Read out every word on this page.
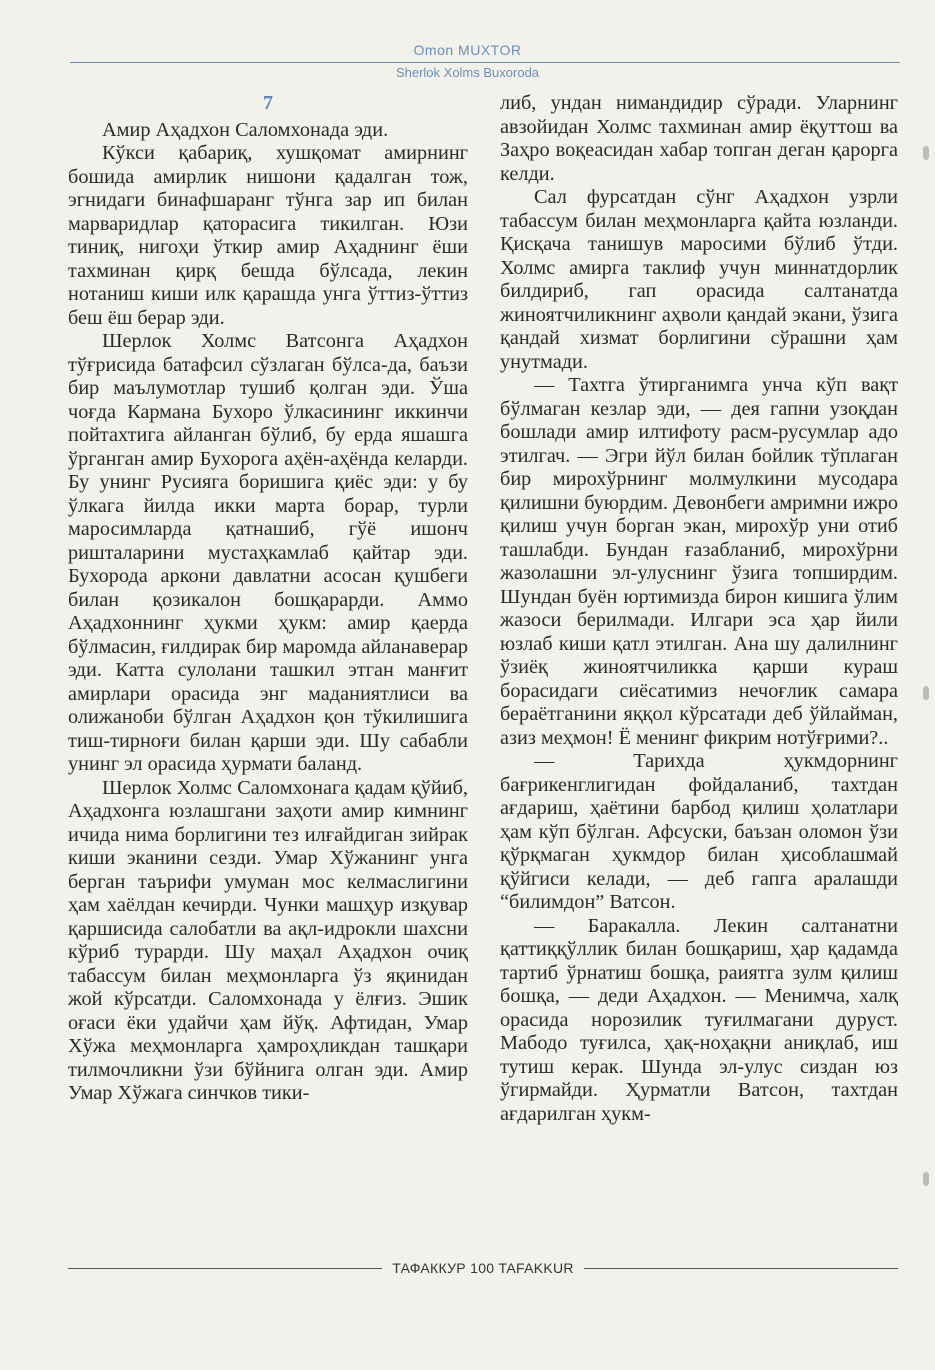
Omon MUXTOR
Sherlok Xolms Buxoroda
7

Амир Аҳадхон Саломхонада эди.

Кўкси қабариқ, хушқомат амирнинг бошида амирлик нишони қадалган тож, эгнидаги бинафшаранг тўнга зар ип билан марваридлар қаторасига тикилган. Юзи тиниқ, нигоҳи ўткир амир Аҳаднинг ёши тахминан қирқ бешда бўлсада, лекин нотаниш киши илк қарашда унга ўттиз-ўттиз беш ёш берар эди.

Шерлок Холмс Ватсонга Аҳадхон тўғрисида батафсил сўзлаган бўлса-да, баъзи бир маълумотлар тушиб қолган эди. Ўша чоғда Кармана Бухоро ўлкасининг иккинчи пойтахтига айланган бўлиб, бу ерда яшашга ўрганган амир Бухорога аҳён-аҳёнда келарди. Бу унинг Русияга боришига қиёс эди: у бу ўлкага йилда икки марта борар, турли маросимларда қатнашиб, гўё ишонч риштaларини мустаҳкамлаб қайтар эди. Бухорода аркони давлатни асосан қушбеги билан қозикалон бошқарарди. Аммо Аҳадхоннинг ҳукми ҳукм: амир қаерда бўлмасин, ғилдирак бир маромда айланаверар эди. Катта сулолани ташкил этган манғит амирлари орасида энг маданиятлиси ва олижаноби бўлган Аҳадхон қон тўкилишига тиш-тирноғи билан қарши эди. Шу сабабли унинг эл орасида ҳурмати баланд.

Шерлок Холмс Саломхонага қадам қўйиб, Аҳадхонга юзлашгани заҳоти амир кимнинг ичида нима борлигини тез илғайдиган зийрак киши эканини сезди. Умар Хўжанинг унга берган таърифи умуман мос келмаслигини ҳам хаёлдан кечирди. Чунки машҳур изқувар қаршисида салобатли ва ақл-идрокли шахсни кўриб турарди. Шу маҳал Аҳадхон очиқ табассум билан меҳмонларга ўз яқинидан жой кўрсатди. Саломхонада у ёлғиз. Эшик оғаси ёки удайчи ҳам йўқ. Афтидан, Умар Хўжа меҳмонларга ҳамроҳликдан ташқари тилмочликни ўзи бўйнига олган эди. Амир Умар Хўжага синчков тики-

либ, ундан нимандидир сўради. Уларнинг авзойидан Холмс тахминан амир ёқуттош ва Заҳро воқеасидан хабар топган деган қарорга келди.

Сал фурсатдан сўнг Аҳадхон узрли табассум билан меҳмонларга қайта юзланди. Қисқача танишув маросими бўлиб ўтди. Холмс амирга таклиф учун миннатдорлик билдириб, гап орасида салтанатда жиноятчиликнинг аҳволи қандай экани, ўзига қандай хизмат борлигини сўрашни ҳам унутмади.

— Тахтга ўтирганимга унча кўп вақт бўлмаган кезлар эди, — дея гапни узоқдан бошлади амир илтифоту расм-русумлар адо этилгач. — Эгри йўл билан бойлик тўплаган бир мирохўрнинг молмулкини мусодара қилишни буюрдим. Девонбеги амримни ижро қилиш учун борган экан, мирохўр уни отиб ташлабди. Бундан ғазабланиб, мирохўрни жазолашни эл-улуснинг ўзига топширдим. Шундан буён юртимизда бирон кишига ўлим жазоси берилмади. Илгари эса ҳар йили юзлаб киши қатл этилган. Ана шу далилнинг ўзиёқ жиноятчиликка қарши кураш борасидаги сиёсатимиз нечоғлик самара бераётганини яққол кўрсатади деб ўйлайман, азиз меҳмон! Ё менинг фикрим нотўғрими?..

— Тарихда ҳукмдорнинг бағрикенглигидан фойдаланиб, тахтдан ағдариш, ҳаётини барбод қилиш ҳолатлари ҳам кўп бўлган. Афсуски, баъзан оломон ўзи қўрқмаган ҳукмдор билан ҳисоблашмай қўйгиси келади, — деб гапга аралашди “билимдон” Ватсон.

— Баракалла. Лекин салтанатни қаттиққўллик билан бошқариш, ҳар қадамда тартиб ўрнатиш бошқа, раиятга зулм қилиш бошқа, — деди Аҳадхон. — Менимча, халқ орасида норозилик туғилмагани дуруст. Мабодо туғилса, ҳақ-ноҳақни аниқлаб, иш тутиш керак. Шунда эл-улус сиздан юз ўгирмайди. Ҳурматли Ватсон, тахтдан ағдарилган ҳукм-

ТАФАККУР 100 TAFAKKUR
